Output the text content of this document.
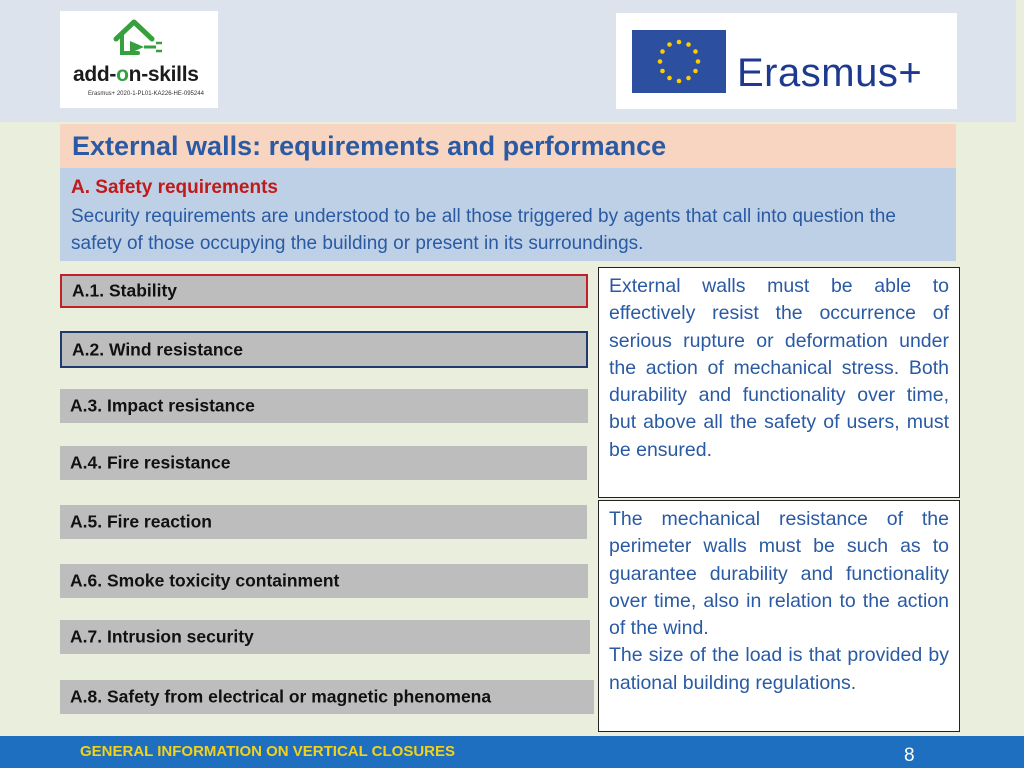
add-on-skills
Erasmus+ 2020-1-PL01-KA226-HE-095244	Erasmus+
External walls: requirements and performance
A. Safety requirements
Security requirements are understood to be all those triggered by agents that call into question the safety of those occupying the building or present in its surroundings.
A.1. Stability
A.2. Wind resistance
A.3. Impact resistance
A.4. Fire resistance
A.5. Fire reaction
A.6. Smoke toxicity containment
A.7. Intrusion security
A.8. Safety from electrical or magnetic phenomena

External walls must be able to effectively resist the occurrence of serious rupture or deformation under the action of mechanical stress. Both durability and functionality over time, but above all the safety of users, must be ensured.

The mechanical resistance of the perimeter walls must be such as to guarantee durability and functionality over time, also in relation to the action of the wind.

The size of the load is that provided by national building regulations.

GENERAL INFORMATION ON VERTICAL CLOSURES	8
